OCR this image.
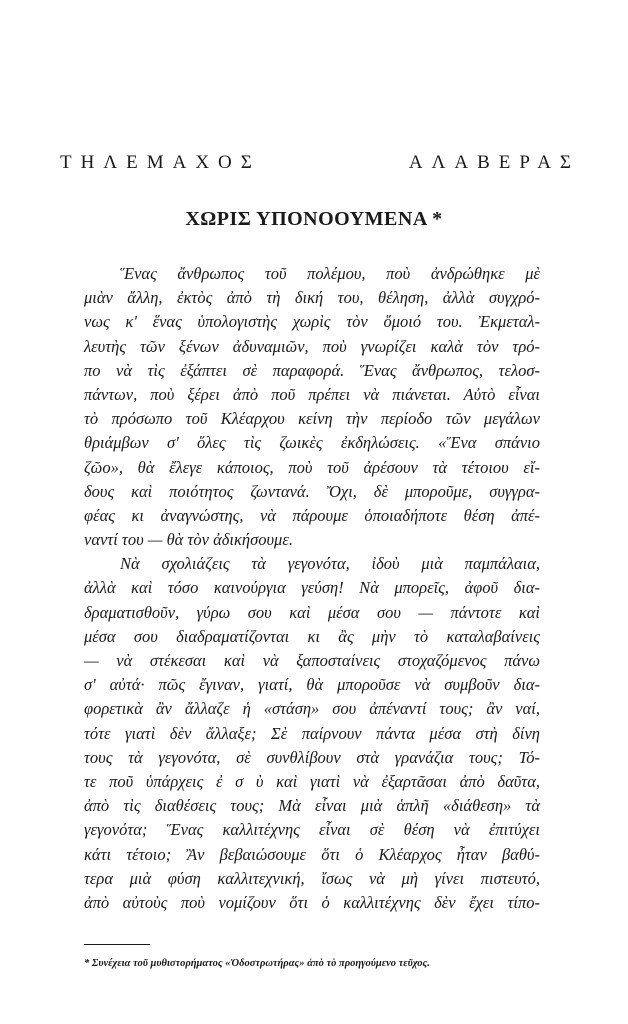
ΤΗΛΕΜΑΧΟΣ	ΑΛΑΒΕΡΑΣ
ΧΩΡΙΣ ΥΠΟΝΟΟΥΜΕΝΑ *
Ἕνας ἄνθρωπος τοῦ πολέμου, ποὺ ἀνδρώθηκε μὲ
μιὰν ἄλλη, ἐκτὸς ἀπὸ τὴ δική του, θέληση, ἀλλὰ συγχρό-
νως κ' ἕνας ὑπολογιστὴς χωρὶς τὸν ὅμοιό του. Ἐκμεταλ-
λευτὴς τῶν ξένων ἀδυναμιῶν, ποὺ γνωρίζει καλὰ τὸν τρό-
πο νὰ τὶς ἐξάπτει σὲ παραφορά. Ἕνας ἄνθρωπος, τελοσ-
πάντων, ποὺ ξέρει ἀπὸ ποῦ πρέπει νὰ πιάνεται. Αὐτὸ εἶναι
τὸ πρόσωπο τοῦ Κλέαρχου κείνη τὴν περίοδο τῶν μεγάλων
θριάμβων σ' ὅλες τὶς ζωικὲς ἐκδηλώσεις. «Ἕνα σπάνιο
ζῶο», θὰ ἔλεγε κάποιος, ποὺ τοῦ ἀρέσουν τὰ τέτοιου εἴ-
δους καὶ ποιότητος ζωντανά. Ὄχι, δὲ μποροῦμε, συγγρα-
φέας κι ἀναγνώστης, νὰ πάρουμε ὁποιαδήποτε θέση ἀπέ-
ναντί του — θὰ τὸν ἀδικήσουμε.
Νὰ σχολιάζεις τὰ γεγονότα, ἰδοὺ μιὰ παμπάλαια,
ἀλλὰ καὶ τόσο καινούργια γεύση! Νὰ μπορεῖς, ἀφοῦ δια-
δραματισθοῦν, γύρω σου καὶ μέσα σου — πάντοτε καὶ
μέσα σου διαδραματίζονται κι ἂς μὴν τὸ καταλαβαίνεις
— νὰ στέκεσαι καὶ νὰ ξαποσταίνεις στοχαζόμενος πάνω
σ' αὐτά· πῶς ἔγιναν, γιατί, θὰ μποροῦσε νὰ συμβοῦν δια-
φορετικὰ ἂν ἄλλαζε ἡ «στάση» σου ἀπέναντί τους; ἂν ναί,
τότε γιατὶ δὲν ἄλλαξε; Σὲ παίρνουν πάντα μέσα στὴ δίνη
τους τὰ γεγονότα, σὲ συνθλίβουν στὰ γρανάζια τους; Τό-
τε ποῦ ὑπάρχεις ἐ σ ὺ καὶ γιατὶ νὰ ἐξαρτᾶσαι ἀπὸ δαῦτα,
ἀπὸ τὶς διαθέσεις τους; Μὰ εἶναι μιὰ ἁπλῆ «διάθεση» τὰ
γεγονότα; Ἕνας καλλιτέχνης εἶναι σὲ θέση νὰ ἐπιτύχει
κάτι τέτοιο; Ἂν βεβαιώσουμε ὅτι ὁ Κλέαρχος ἦταν βαθύ-
τερα μιὰ φύση καλλιτεχνική, ἴσως νὰ μὴ γίνει πιστευτό,
ἀπὸ αὐτοὺς ποὺ νομίζουν ὅτι ὁ καλλιτέχνης δὲν ἔχει τίπο-
* Συνέχεια τοῦ μυθιστορήματος «Ὀδοστρωτήρας» ἀπὸ τὸ προηγούμενο τεῦχος.
